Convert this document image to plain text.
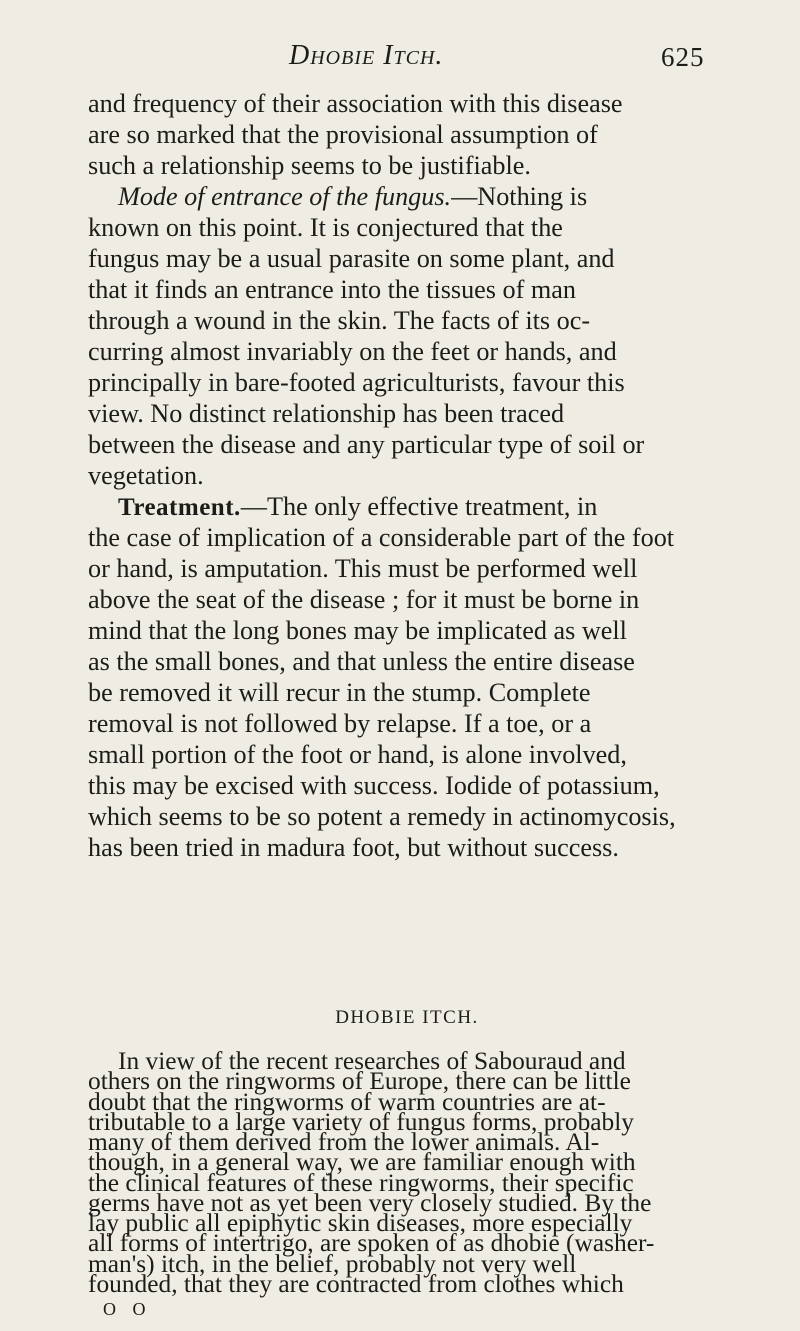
Dhobie Itch.	625
and frequency of their association with this disease
are so marked that the provisional assumption of
such a relationship seems to be justifiable.
Mode of entrance of the fungus.—Nothing is
known on this point. It is conjectured that the
fungus may be a usual parasite on some plant, and
that it finds an entrance into the tissues of man
through a wound in the skin. The facts of its oc-
curring almost invariably on the feet or hands, and
principally in bare-footed agriculturists, favour this
view. No distinct relationship has been traced
between the disease and any particular type of soil or
vegetation.
Treatment.—The only effective treatment, in
the case of implication of a considerable part of the foot
or hand, is amputation. This must be performed well
above the seat of the disease ; for it must be borne in
mind that the long bones may be implicated as well
as the small bones, and that unless the entire disease
be removed it will recur in the stump. Complete
removal is not followed by relapse. If a toe, or a
small portion of the foot or hand, is alone involved,
this may be excised with success. Iodide of potassium,
which seems to be so potent a remedy in actinomycosis,
has been tried in madura foot, but without success.
DHOBIE ITCH.
In view of the recent researches of Sabouraud and
others on the ringworms of Europe, there can be little
doubt that the ringworms of warm countries are at-
tributable to a large variety of fungus forms, probably
many of them derived from the lower animals. Al-
though, in a general way, we are familiar enough with
the clinical features of these ringworms, their specific
germs have not as yet been very closely studied. By the
lay public all epiphytic skin diseases, more especially
all forms of intertrigo, are spoken of as dhobie (washer-
man's) itch, in the belief, probably not very well
founded, that they are contracted from clothes which
O O
